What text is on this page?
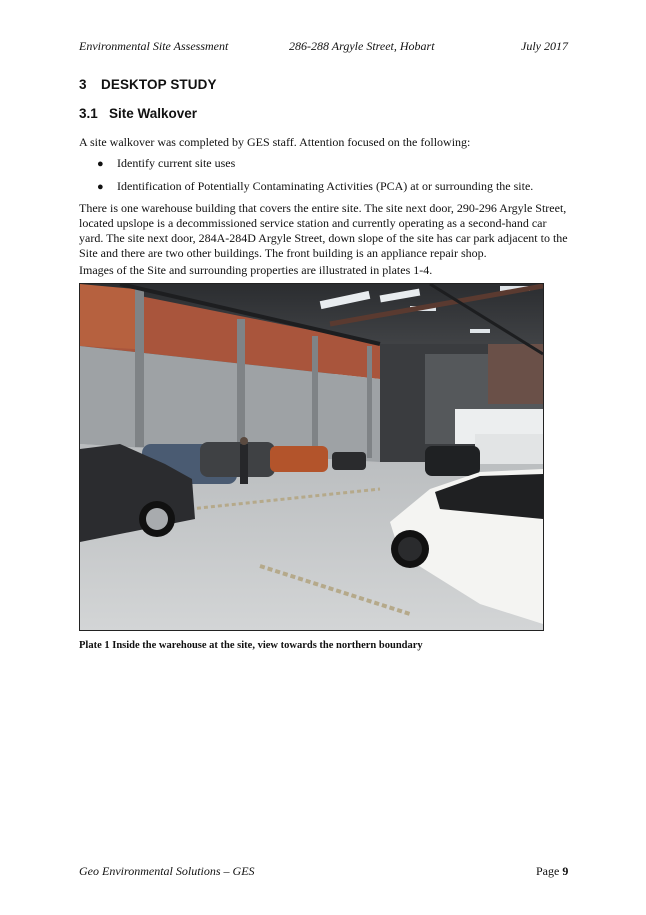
Environmental Site Assessment	286-288 Argyle Street, Hobart	July 2017
3 DESKTOP STUDY
3.1 Site Walkover

A site walkover was completed by GES staff. Attention focused on the following:

● Identify current site uses
● Identification of Potentially Contaminating Activities (PCA) at or surrounding the site.

There is one warehouse building that covers the entire site. The site next door, 290-296 Argyle Street, located upslope is a decommissioned service station and currently operating as a second-hand car yard. The site next door, 284A-284D Argyle Street, down slope of the site has car park adjacent to the Site and there are two other buildings. The front building is an appliance repair shop.

Images of the Site and surrounding properties are illustrated in plates 1-4.

Plate 1 Inside the warehouse at the site, view towards the northern boundary
Geo Environmental Solutions – GES	Page 9
